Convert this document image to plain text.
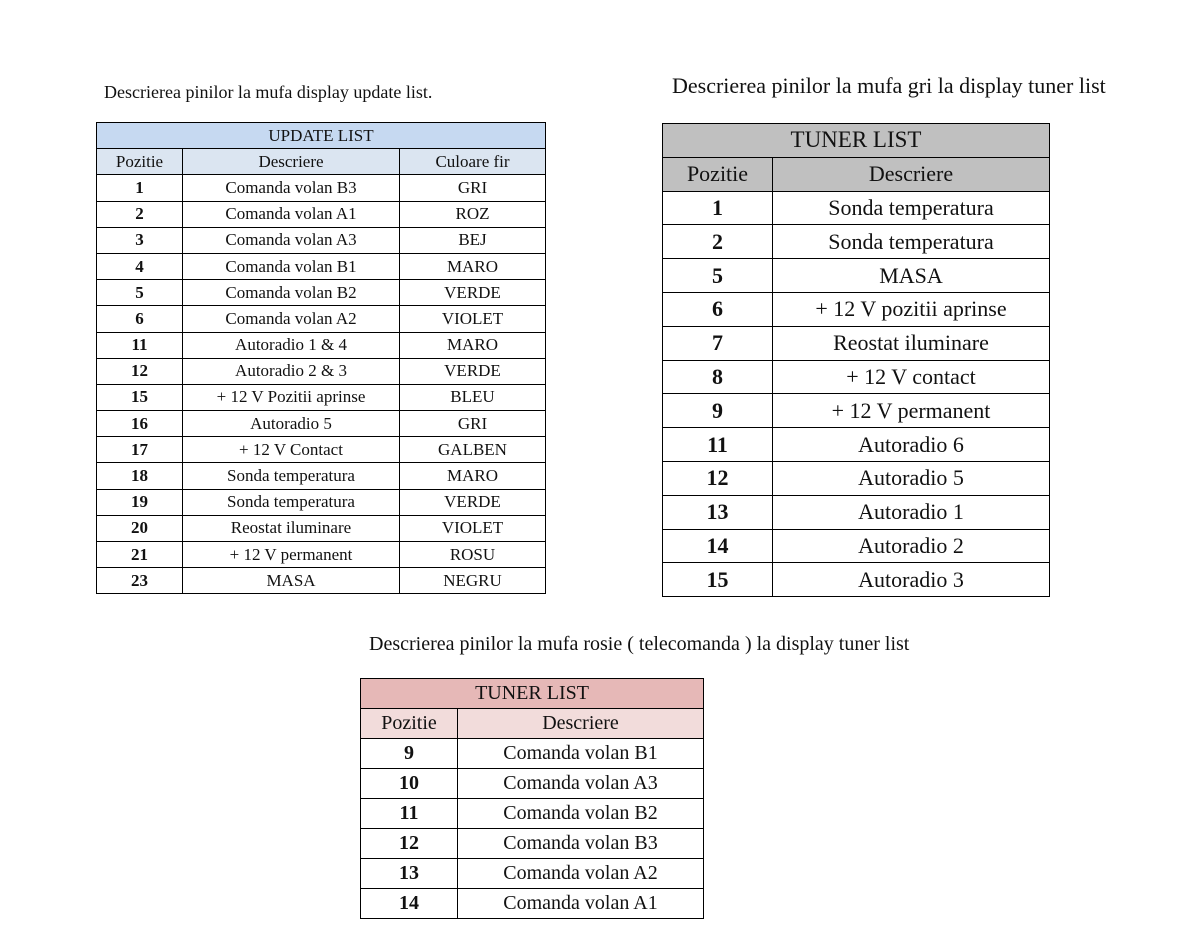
Descrierea pinilor la mufa display update list.	Descrierea pinilor la mufa gri la display tuner list
Descrierea pinilor la mufa rosie ( telecomanda ) la display tuner list
UPDATE LIST		
Pozitie	Descriere	Culoare fir
1	Comanda volan B3	GRI
2	Comanda volan A1	ROZ
3	Comanda volan A3	BEJ
4	Comanda volan B1	MARO
5	Comanda volan B2	VERDE
6	Comanda volan A2	VIOLET
11	Autoradio 1 & 4	MARO
12	Autoradio 2 & 3	VERDE
15	+ 12 V Pozitii aprinse	BLEU
16	Autoradio 5	GRI
17	+ 12 V Contact	GALBEN
18	Sonda temperatura	MARO
19	Sonda temperatura	VERDE
20	Reostat iluminare	VIOLET
21	+ 12 V permanent	ROSU
23	MASA	NEGRU
TUNER LIST	
Pozitie	Descriere
1	Sonda temperatura
2	Sonda temperatura
5	MASA
6	+ 12 V pozitii aprinse
7	Reostat iluminare
8	+ 12 V contact
9	+ 12 V permanent
11	Autoradio 6
12	Autoradio 5
13	Autoradio 1
14	Autoradio 2
15	Autoradio 3
TUNER LIST	
Pozitie	Descriere
9	Comanda volan B1
10	Comanda volan A3
11	Comanda volan B2
12	Comanda volan B3
13	Comanda volan A2
14	Comanda volan A1
